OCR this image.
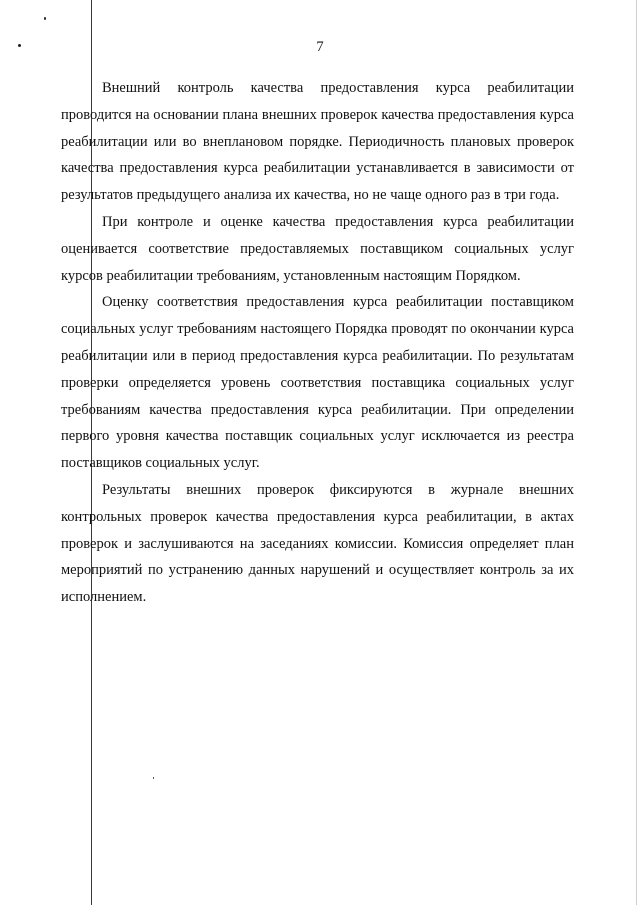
7

Внешний контроль качества предоставления курса реабилитации проводится на основании плана внешних проверок качества предоставления курса реабилитации или во внеплановом порядке. Периодичность плановых проверок качества предоставления курса реабилитации устанавливается в зависимости от результатов предыдущего анализа их качества, но не чаще одного раз в три года.

При контроле и оценке качества предоставления курса реабилитации оценивается соответствие предоставляемых поставщиком социальных услуг курсов реабилитации требованиям, установленным настоящим Порядком.

Оценку соответствия предоставления курса реабилитации поставщиком социальных услуг требованиям настоящего Порядка проводят по окончании курса реабилитации или в период предоставления курса реабилитации. По результатам проверки определяется уровень соответствия поставщика социальных услуг требованиям качества предоставления курса реабилитации. При определении первого уровня качества поставщик социальных услуг исключается из реестра поставщиков социальных услуг.

Результаты внешних проверок фиксируются в журнале внешних контрольных проверок качества предоставления курса реабилитации, в актах проверок и заслушиваются на заседаниях комиссии. Комиссия определяет план мероприятий по устранению данных нарушений и осуществляет контроль за их исполнением.
